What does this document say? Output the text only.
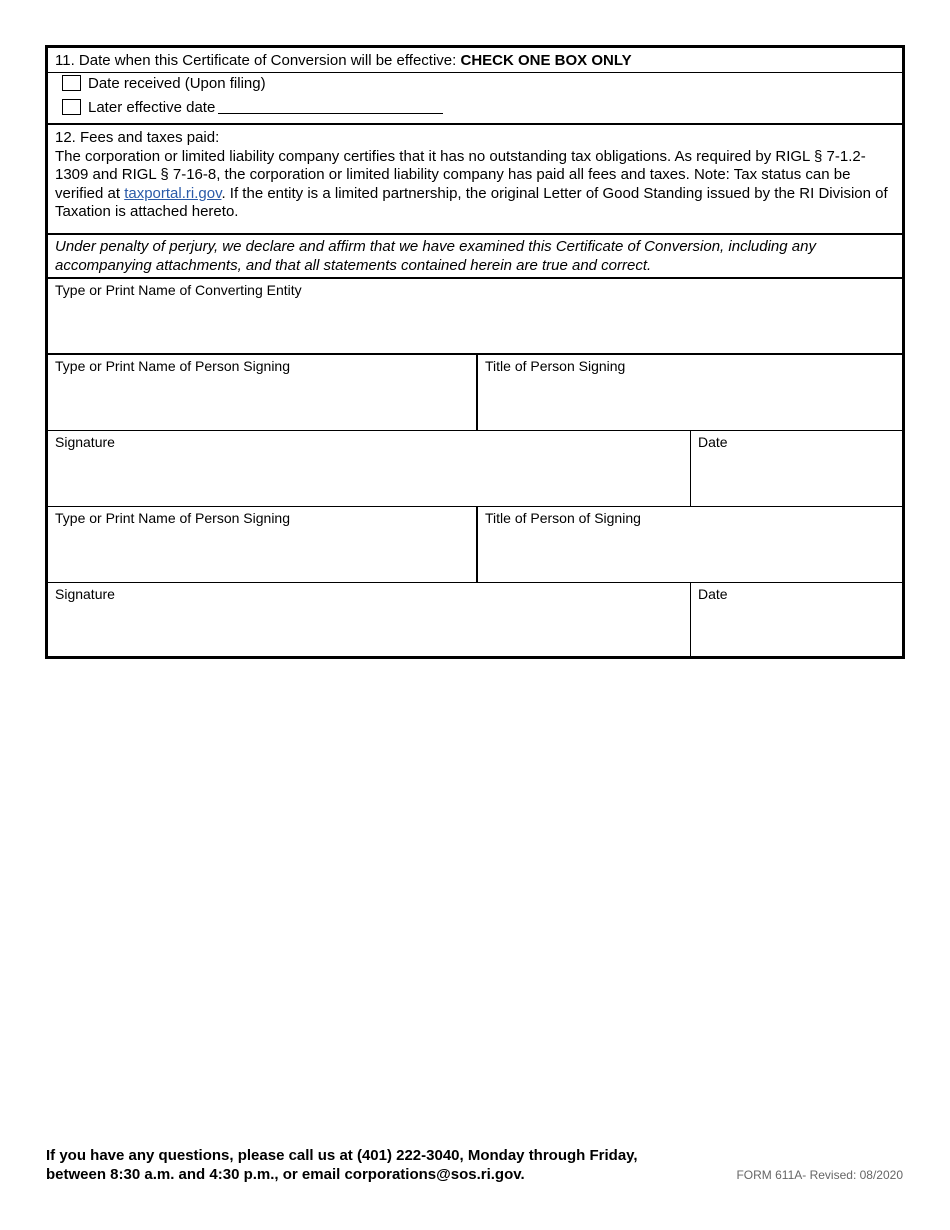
11. Date when this Certificate of Conversion will be effective: CHECK ONE BOX ONLY
Date received (Upon filing)
Later effective date
12. Fees and taxes paid:
The corporation or limited liability company certifies that it has no outstanding tax obligations. As required by RIGL § 7-1.2-1309 and RIGL § 7-16-8, the corporation or limited liability company has paid all fees and taxes. Note: Tax status can be verified at taxportal.ri.gov. If the entity is a limited partnership, the original Letter of Good Standing issued by the RI Division of Taxation is attached hereto.
Under penalty of perjury, we declare and affirm that we have examined this Certificate of Conversion, including any accompanying attachments, and that all statements contained herein are true and correct.
Type or Print Name of Converting Entity
Type or Print Name of Person Signing	Title of Person Signing
Signature	Date
Type or Print Name of Person Signing	Title of Person of Signing
Signature	Date
If you have any questions, please call us at (401) 222-3040, Monday through Friday,
between 8:30 a.m. and 4:30 p.m., or email corporations@sos.ri.gov.	FORM 611A- Revised: 08/2020
